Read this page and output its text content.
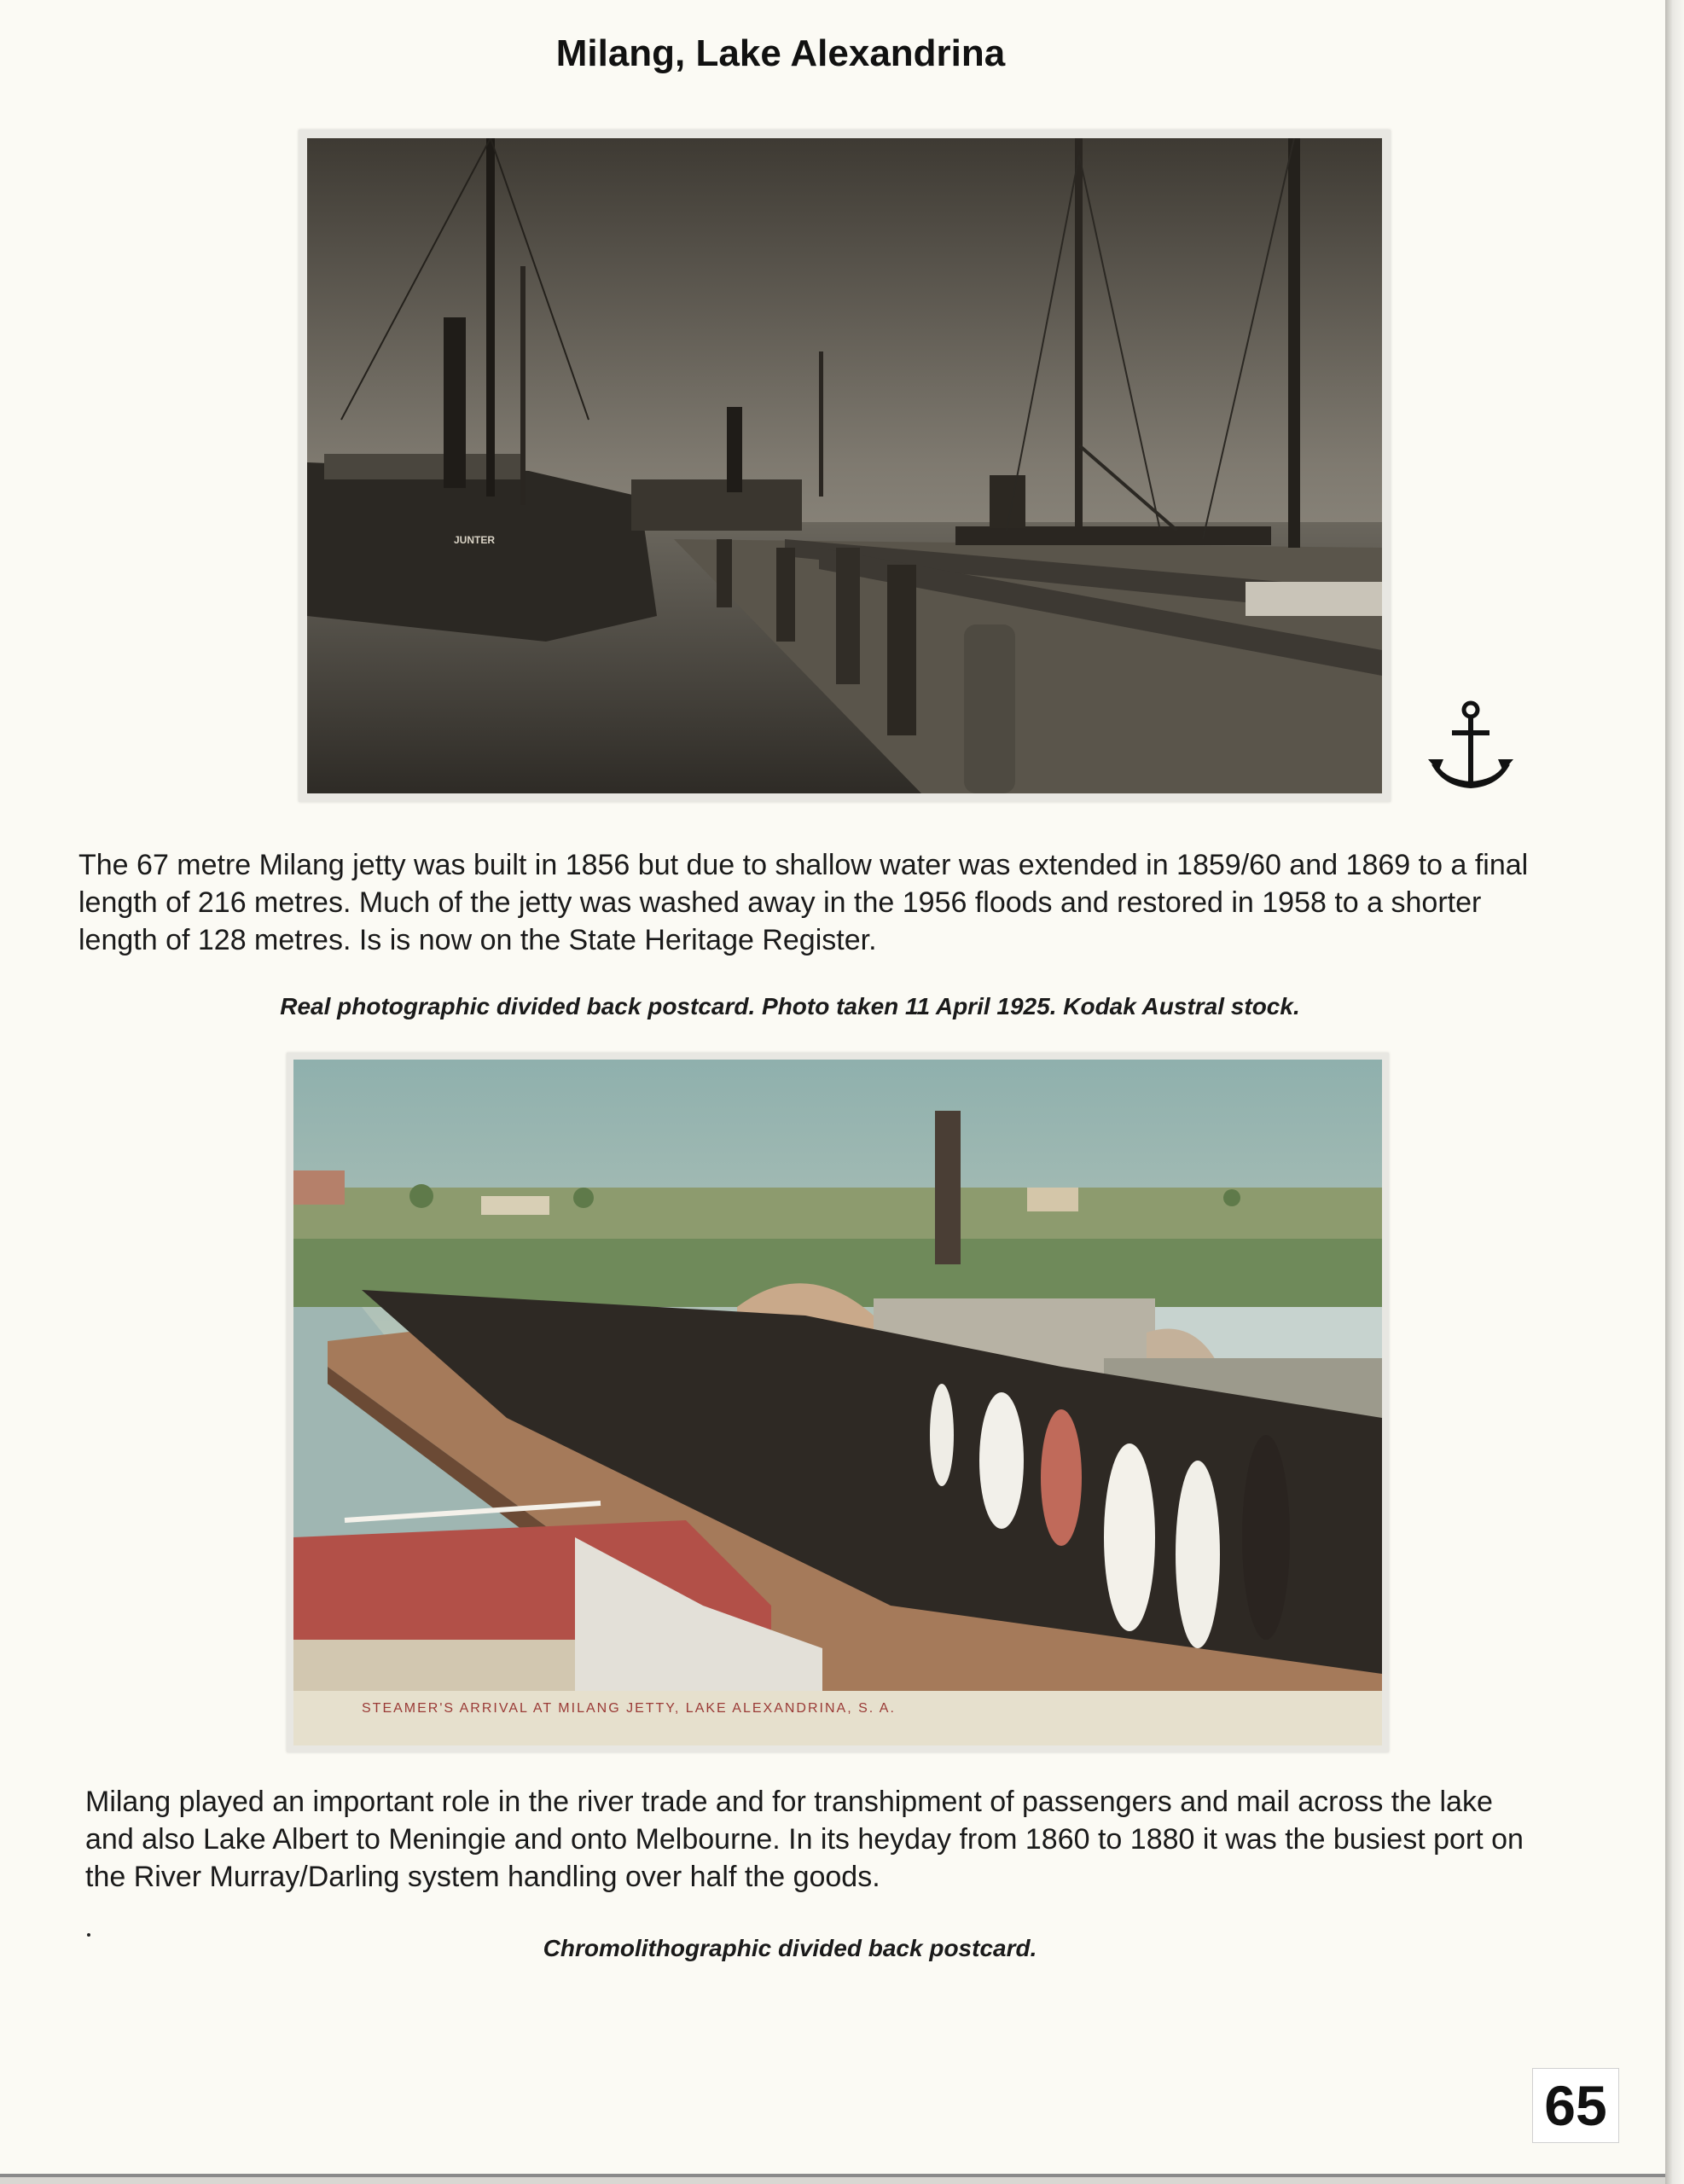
Milang, Lake Alexandrina
JUNTER
The 67 metre Milang jetty was built in 1856 but due to shallow water was extended in 1859/60 and 1869 to a final length of 216 metres. Much of the jetty was washed away in the 1956 floods and restored in 1958 to a shorter length of 128 metres. Is is now on the State Heritage Register.
Real photographic divided back postcard. Photo taken 11 April 1925. Kodak Austral stock.
STEAMER'S ARRIVAL AT MILANG JETTY, LAKE ALEXANDRINA, S. A.
Milang played an important role in the river trade and for transhipment of passengers and mail across the lake and also Lake Albert to Meningie and onto Melbourne. In its heyday from 1860 to 1880 it was the busiest port on the River Murray/Darling system handling over half the goods.
Chromolithographic divided back postcard.
65
